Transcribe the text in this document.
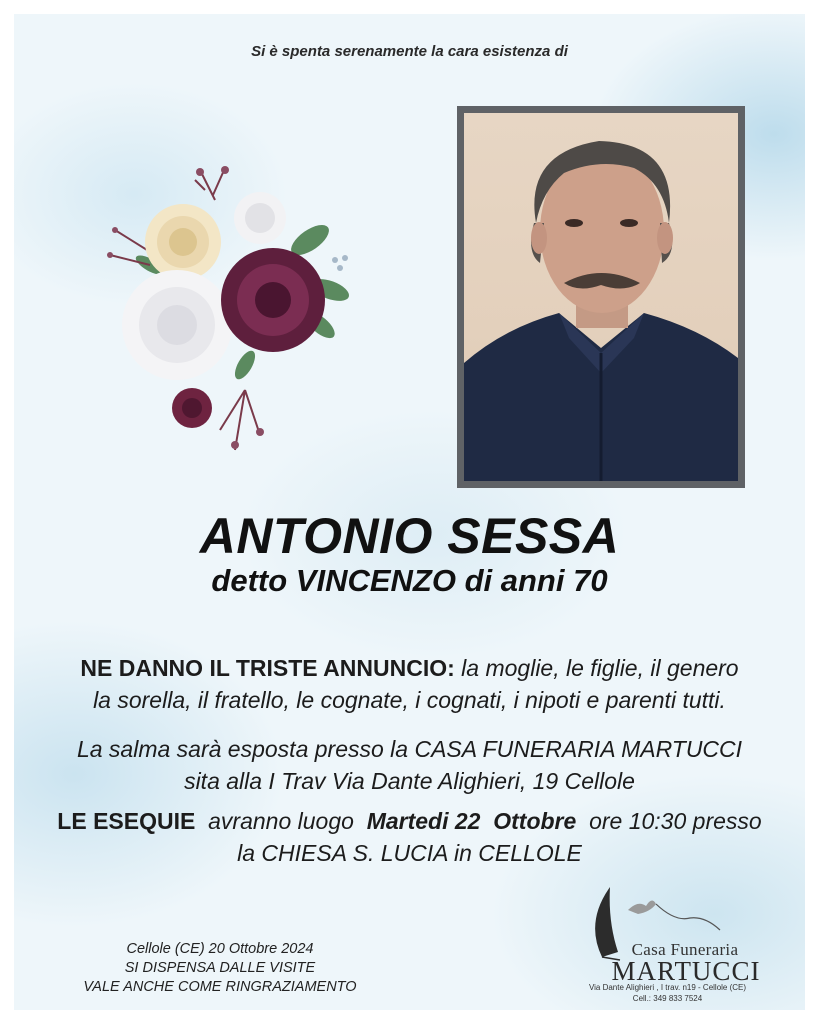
Si è spenta serenamente la cara esistenza di
ANTONIO SESSA
detto VINCENZO di anni 70
NE DANNO IL TRISTE ANNUNCIO: la moglie, le figlie, il genero
la sorella, il fratello, le cognate, i cognati, i nipoti e parenti tutti.
La salma sarà esposta presso la CASA FUNERARIA MARTUCCI
sita alla I Trav Via Dante Alighieri, 19 Cellole
LE ESEQUIE  avranno luogo  Martedi 22  Ottobre  ore 10:30 presso
la CHIESA S. LUCIA in CELLOLE
Cellole (CE) 20 Ottobre 2024
SI DISPENSA DALLE VISITE
VALE ANCHE COME RINGRAZIAMENTO
Casa Funeraria
MARTUCCI
Via Dante Alighieri , I trav. n19 - Cellole (CE)
Cell.: 349 833 7524
